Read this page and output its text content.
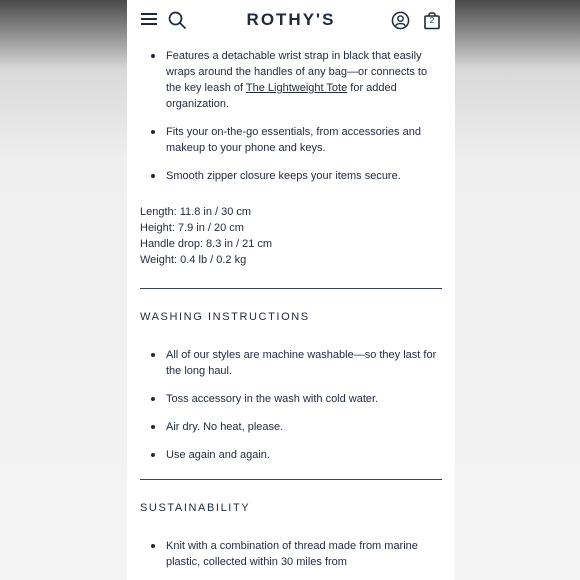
ROTHY'S	2
Features a detachable wrist strap in black that easily wraps around the handles of any bag—or connects to the key leash of The Lightweight Tote for added organization.
Fits your on-the-go essentials, from accessories and makeup to your phone and keys.
Smooth zipper closure keeps your items secure.
Length: 11.8 in / 30 cm
Height: 7.9 in / 20 cm
Handle drop: 8.3 in / 21 cm
Weight: 0.4 lb / 0.2 kg
WASHING INSTRUCTIONS
All of our styles are machine washable—so they last for the long haul.
Toss accessory in the wash with cold water.
Air dry. No heat, please.
Use again and again.
SUSTAINABILITY
Knit with a combination of thread made from marine plastic, collected within 30 miles from
